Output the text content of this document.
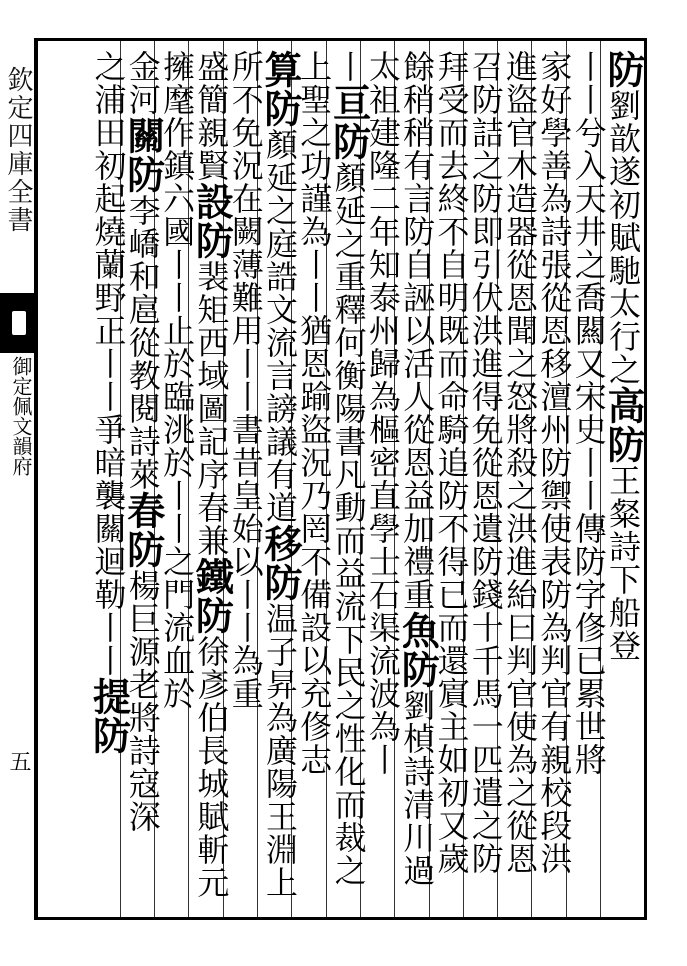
欽定四庫全書
御定佩文韻府
五
防劉歆遂初賦馳太行之高防王粲詩下船登
丨丨兮入天井之喬闗又宋史丨丨傳防字俢已累世將
家好學善為詩張從恩移澶州防禦使表防為判官有親校段洪
進盜官木造器從恩聞之怒將殺之洪進紿曰判官使為之從恩
召防詰之防即引伏洪進得免從恩遺防錢十千馬一匹遣之防
拜受而去終不自明既而命騎追防不得已而還賔主如初又歲
餘稍稍有言防自誣以活人從恩益加禮重魚防劉楨詩清川過
太祖建隆二年知泰州歸為樞密直學士石渠流波為丨
丨亘防顏延之重釋何衡陽書凡動而益流下民之性化而裁之
上聖之功謹為丨丨猶恩踰盜況乃罔不備設以充俢志
算防顏延之庭誥文流言謗議有道移防温子昇為廣陽王淵上
所不免況在闕薄難用丨丨書昔皇始以丨丨為重
盛簡親賢設防裴矩西域圖記序春兼鐵防徐彥伯長城賦斬元
擁麾作鎮六國丨丨止於臨洮於丨丨之門流血於
金河關防李嶠和扈從教閱詩萊春防楊巨源老將詩寇深
之浦田初起燒蘭野正丨丨爭暗襲關迴勒丨丨提防
